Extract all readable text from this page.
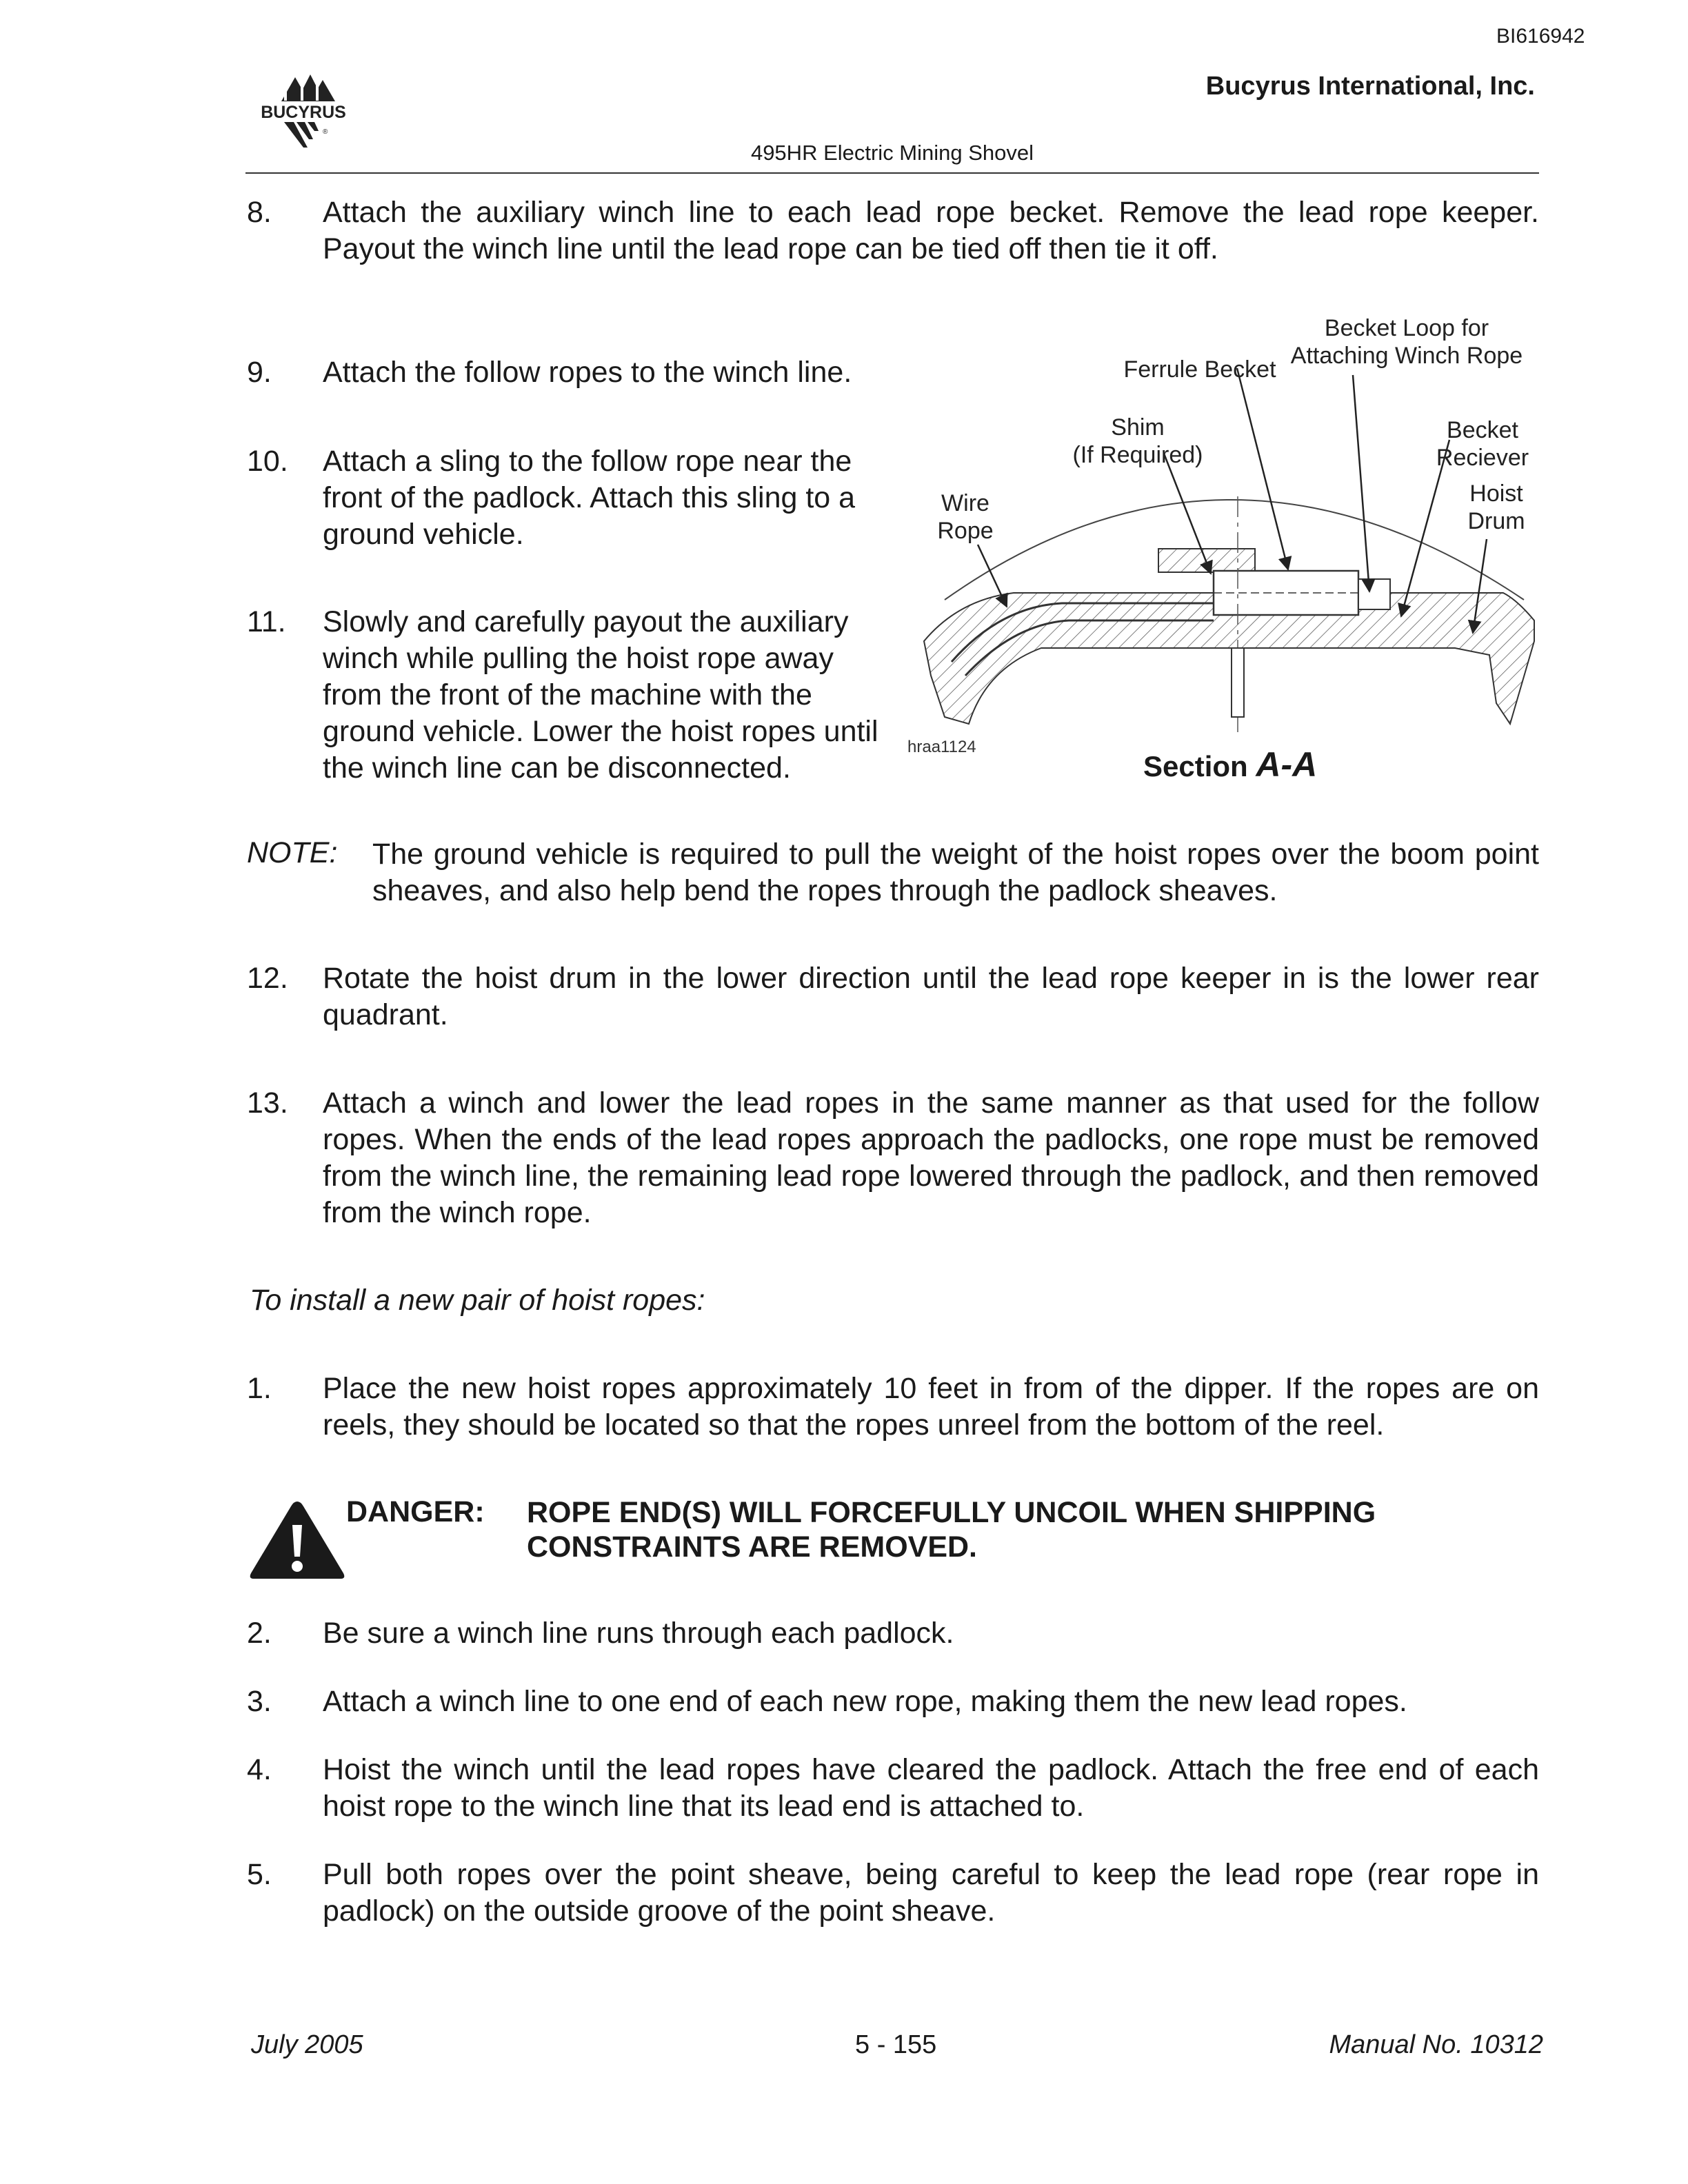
BI616942
Bucyrus International, Inc.
495HR Electric Mining Shovel
BUCYRUS
®
8. Attach the auxiliary winch line to each lead rope becket. Remove the lead rope keeper. Payout the winch line until the lead rope can be tied off then tie it off.
9. Attach the follow ropes to the winch line.
10. Attach a sling to the follow rope near the front of the padlock. Attach this sling to a ground vehicle.
11. Slowly and carefully payout the auxiliary winch while pulling the hoist rope away from the front of the machine with the ground vehicle. Lower the hoist ropes until the winch line can be disconnected.
Becket Loop for
Attaching Winch Rope
Ferrule Becket
Shim
(If Required)
Becket
Reciever
Hoist
Drum
Wire
Rope
hraa1124
Section A-A
NOTE: The ground vehicle is required to pull the weight of the hoist ropes over the boom point sheaves, and also help bend the ropes through the padlock sheaves.
12. Rotate the hoist drum in the lower direction until the lead rope keeper in is the lower rear quadrant.
13. Attach a winch and lower the lead ropes in the same manner as that used for the follow ropes. When the ends of the lead ropes approach the padlocks, one rope must be removed from the winch line, the remaining lead rope lowered through the padlock, and then removed from the winch rope.
To install a new pair of hoist ropes:
1. Place the new hoist ropes approximately 10 feet in from of the dipper. If the ropes are on reels, they should be located so that the ropes unreel from the bottom of the reel.
DANGER: ROPE END(S) WILL FORCEFULLY UNCOIL WHEN SHIPPING
CONSTRAINTS ARE REMOVED.
2. Be sure a winch line runs through each padlock.
3. Attach a winch line to one end of each new rope, making them the new lead ropes.
4. Hoist the winch until the lead ropes have cleared the padlock. Attach the free end of each hoist rope to the winch line that its lead end is attached to.
5. Pull both ropes over the point sheave, being careful to keep the lead rope (rear rope in padlock) on the outside groove of the point sheave.
July 2005	5 - 155	Manual No. 10312
